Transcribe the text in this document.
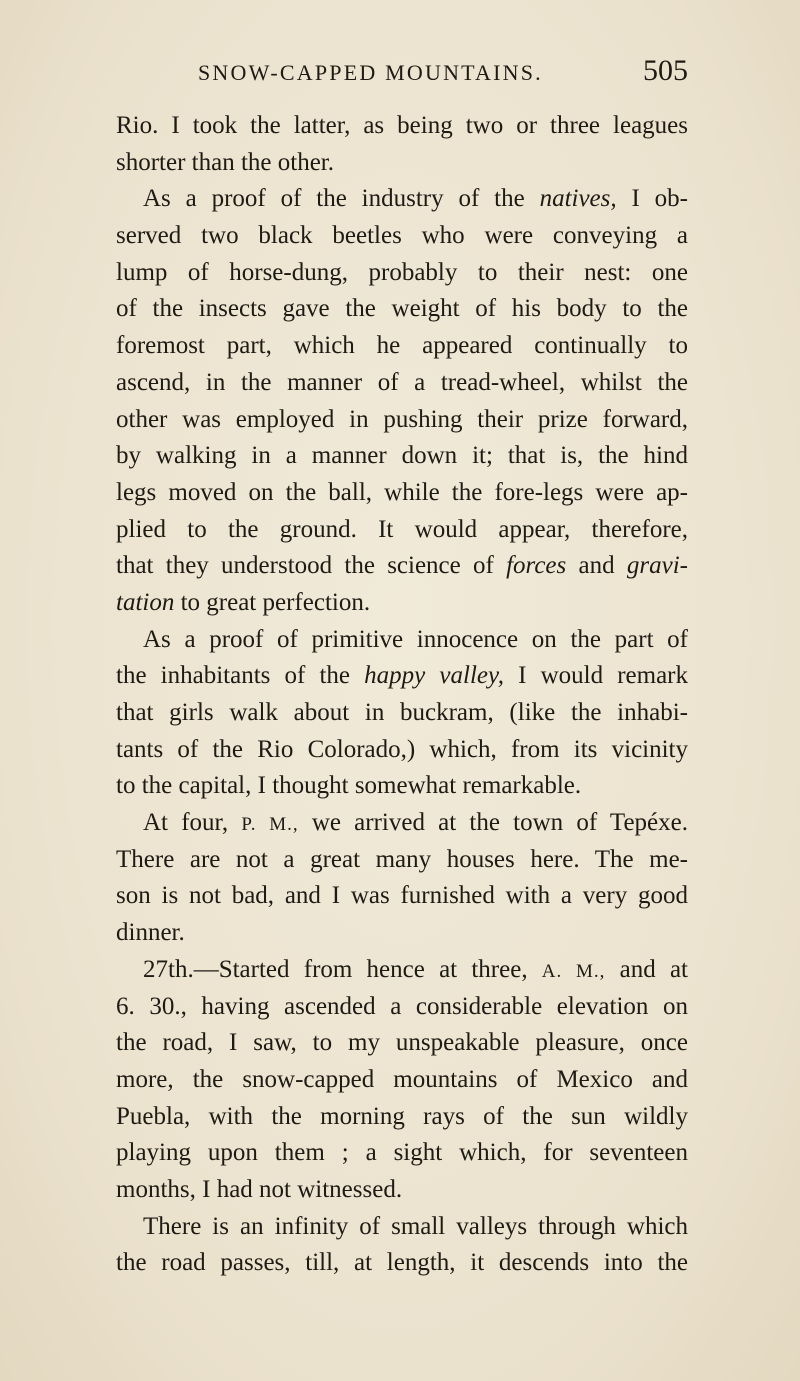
SNOW-CAPPED MOUNTAINS.	505
Rio. I took the latter, as being two or three leagues
shorter than the other.
As a proof of the industry of the natives, I ob-
served two black beetles who were conveying a
lump of horse-dung, probably to their nest: one
of the insects gave the weight of his body to the
foremost part, which he appeared continually to
ascend, in the manner of a tread-wheel, whilst the
other was employed in pushing their prize forward,
by walking in a manner down it; that is, the hind
legs moved on the ball, while the fore-legs were ap-
plied to the ground. It would appear, therefore,
that they understood the science of forces and gravi-
tation to great perfection.
As a proof of primitive innocence on the part of
the inhabitants of the happy valley, I would remark
that girls walk about in buckram, (like the inhabi-
tants of the Rio Colorado,) which, from its vicinity
to the capital, I thought somewhat remarkable.
At four, P. M., we arrived at the town of Tepéxe.
There are not a great many houses here. The me-
son is not bad, and I was furnished with a very good
dinner.
27th.—Started from hence at three, A. M., and at
6. 30., having ascended a considerable elevation on
the road, I saw, to my unspeakable pleasure, once
more, the snow-capped mountains of Mexico and
Puebla, with the morning rays of the sun wildly
playing upon them ; a sight which, for seventeen
months, I had not witnessed.
There is an infinity of small valleys through which
the road passes, till, at length, it descends into the
